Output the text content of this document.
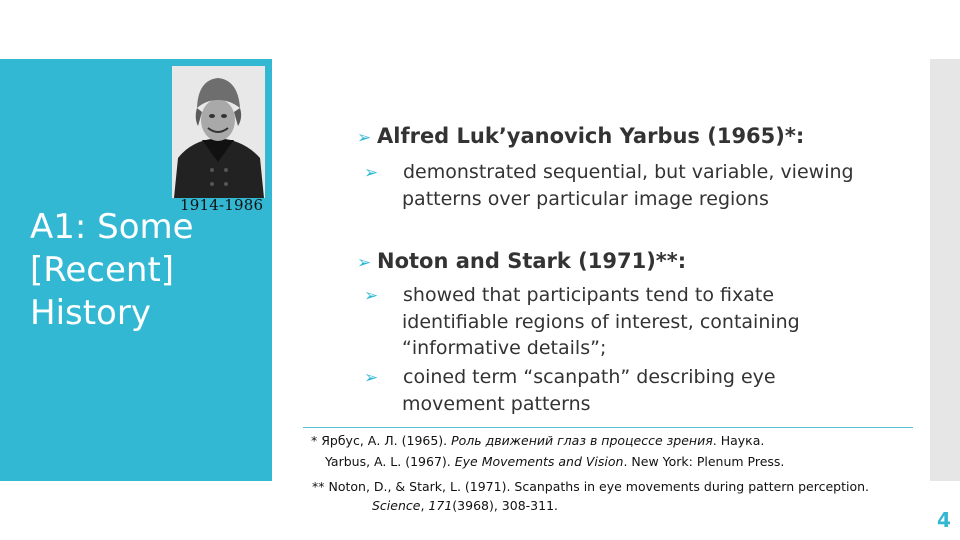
A1: Some [Recent] History
1914-1986
➢ Alfred Luk’yanovich Yarbus (1965)*:
➢ demonstrated sequential, but variable, viewing patterns over particular image regions
➢ Noton and Stark (1971)**:
➢ showed that participants tend to fixate identifiable regions of interest, containing “informative details”;
➢ coined term “scanpath” describing eye movement patterns
* Ярбус, А. Л. (1965). Роль движений глаз в процессе зрения. Наука.
Yarbus, A. L. (1967). Eye Movements and Vision. New York: Plenum Press.
** Noton, D., & Stark, L. (1971). Scanpaths in eye movements during pattern perception.
Science, 171(3968), 308-311.
4
